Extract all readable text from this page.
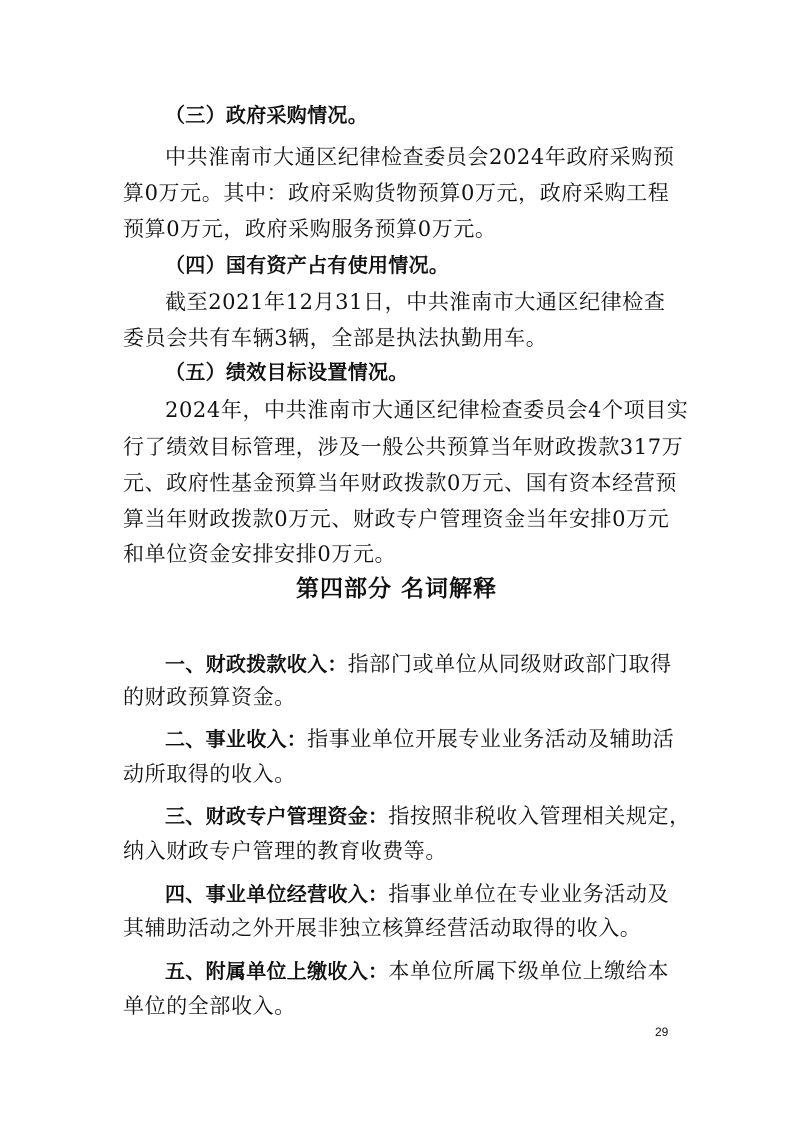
（三）政府采购情况。
中共淮南市大通区纪律检查委员会2024年政府采购预
算0万元。其中：政府采购货物预算0万元，政府采购工程
预算0万元，政府采购服务预算0万元。
（四）国有资产占有使用情况。
截至2021年12月31日，中共淮南市大通区纪律检查
委员会共有车辆3辆，全部是执法执勤用车。
（五）绩效目标设置情况。
2024年，中共淮南市大通区纪律检查委员会4个项目实
行了绩效目标管理，涉及一般公共预算当年财政拨款317万
元、政府性基金预算当年财政拨款0万元、国有资本经营预
算当年财政拨款0万元、财政专户管理资金当年安排0万元
和单位资金安排安排0万元。
第四部分 名词解释
一、财政拨款收入：指部门或单位从同级财政部门取得
的财政预算资金。
二、事业收入：指事业单位开展专业业务活动及辅助活
动所取得的收入。
三、财政专户管理资金：指按照非税收入管理相关规定，
纳入财政专户管理的教育收费等。
四、事业单位经营收入：指事业单位在专业业务活动及
其辅助活动之外开展非独立核算经营活动取得的收入。
五、附属单位上缴收入：本单位所属下级单位上缴给本
单位的全部收入。
29
